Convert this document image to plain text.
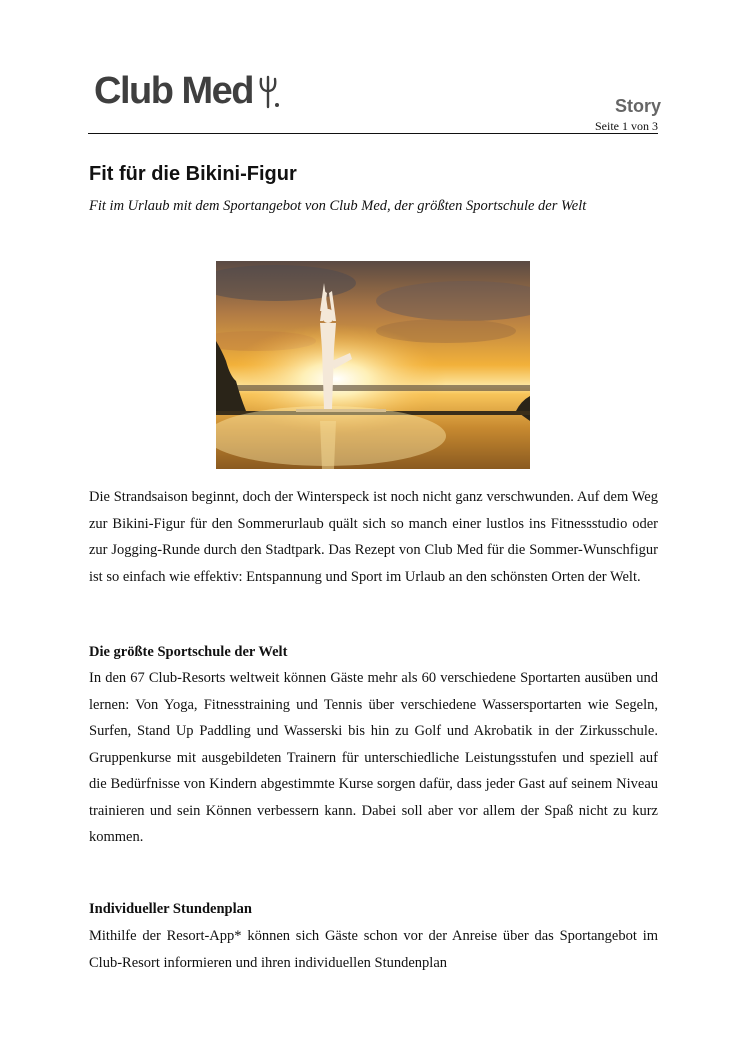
Club Med	Story
Seite 1 von 3
Fit für die Bikini-Figur

Fit im Urlaub mit dem Sportangebot von Club Med, der größten Sportschule der Welt

Die Strandsaison beginnt, doch der Winterspeck ist noch nicht ganz verschwunden. Auf dem Weg zur Bikini-Figur für den Sommerurlaub quält sich so manch einer lustlos ins Fitnessstudio oder zur Jogging-Runde durch den Stadtpark. Das Rezept von Club Med für die Sommer-Wunschfigur ist so einfach wie effektiv: Entspannung und Sport im Urlaub an den schönsten Orten der Welt.

Die größte Sportschule der Welt

In den 67 Club-Resorts weltweit können Gäste mehr als 60 verschiedene Sportarten ausüben und lernen: Von Yoga, Fitnesstraining und Tennis über verschiedene Wassersportarten wie Segeln, Surfen, Stand Up Paddling und Wasserski bis hin zu Golf und Akrobatik in der Zirkusschule. Gruppenkurse mit ausgebildeten Trainern für unterschiedliche Leistungsstufen und speziell auf die Bedürfnisse von Kindern abgestimmte Kurse sorgen dafür, dass jeder Gast auf seinem Niveau trainieren und sein Können verbessern kann. Dabei soll aber vor allem der Spaß nicht zu kurz kommen.

Individueller Stundenplan

Mithilfe der Resort-App* können sich Gäste schon vor der Anreise über das Sportangebot im Club-Resort informieren und ihren individuellen Stundenplan
